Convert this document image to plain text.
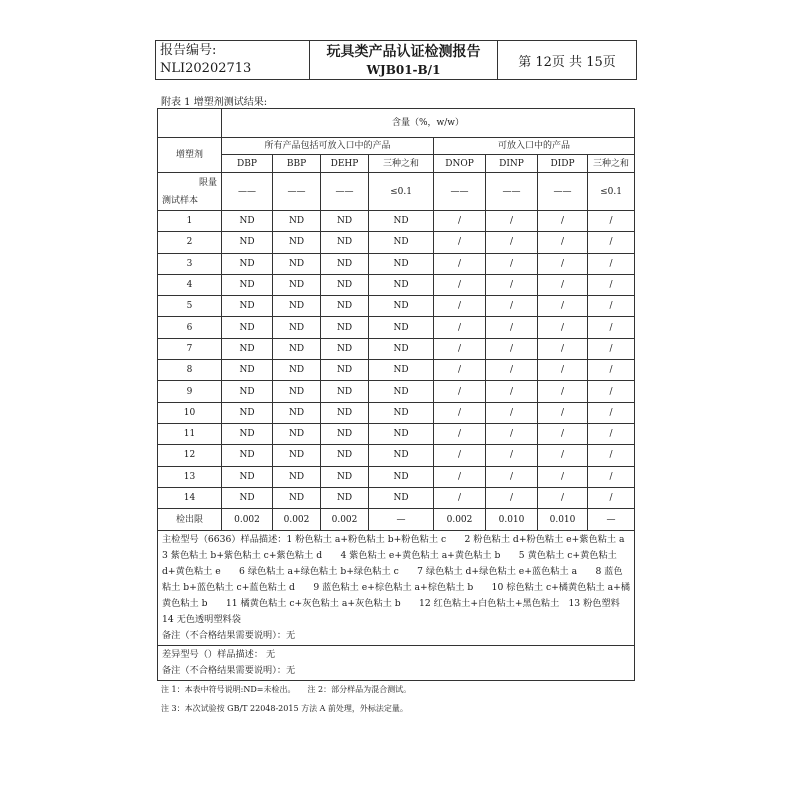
报告编号:
NLI20202713
玩具类产品认证检测报告
WJB01-B/1	第 12页 共 15页
附表 1 增塑剂测试结果:
	含量（%，w/w）							
增塑剂	所有产品包括可放入口中的产品				可放入口中的产品			
	DBP	BBP	DEHP	三种之和	DNOP	DINP	DIDP	三种之和

限量
测试样本	——	——	——	≤0.1	——	——	——	≤0.1
1	ND	ND	ND	ND	/	/	/	/
2	ND	ND	ND	ND	/	/	/	/
3	ND	ND	ND	ND	/	/	/	/
4	ND	ND	ND	ND	/	/	/	/
5	ND	ND	ND	ND	/	/	/	/
6	ND	ND	ND	ND	/	/	/	/
7	ND	ND	ND	ND	/	/	/	/
8	ND	ND	ND	ND	/	/	/	/
9	ND	ND	ND	ND	/	/	/	/
10	ND	ND	ND	ND	/	/	/	/
11	ND	ND	ND	ND	/	/	/	/
12	ND	ND	ND	ND	/	/	/	/
13	ND	ND	ND	ND	/	/	/	/
14	ND	ND	ND	ND	/	/	/	/
检出限	0.002	0.002	0.002	—	0.002	0.010	0.010	—

主检型号（6636）样品描述：1 粉色粘土 a+粉色粘土 b+粉色粘土 c　　2 粉色粘土 d+粉色粘土 e+紫色粘土 a　　3 紫色粘土 b+紫色粘土 c+紫色粘土 d　　4 紫色粘土 e+黄色粘土 a+黄色粘土 b　　5 黄色粘土 c+黄色粘土 d+黄色粘土 e　　6 绿色粘土 a+绿色粘土 b+绿色粘土 c　　7 绿色粘土 d+绿色粘土 e+蓝色粘土 a　　8 蓝色粘土 b+蓝色粘土 c+蓝色粘土 d　　9 蓝色粘土 e+棕色粘土 a+棕色粘土 b　　10 棕色粘土 c+橘黄色粘土 a+橘黄色粘土 b　　11 橘黄色粘土 c+灰色粘土 a+灰色粘土 b　　12 红色粘土+白色粘土+黑色粘土　13 粉色塑料　　14 无色透明塑料袋
备注（不合格结果需要说明）：无								

差异型号（）样品描述： 无
备注（不合格结果需要说明）：无								
注 1：本表中符号说明:ND=未检出。　　注 2：部分样品为混合测试。
注 3：本次试验按 GB/T 22048-2015 方法 A 前处理，外标法定量。
